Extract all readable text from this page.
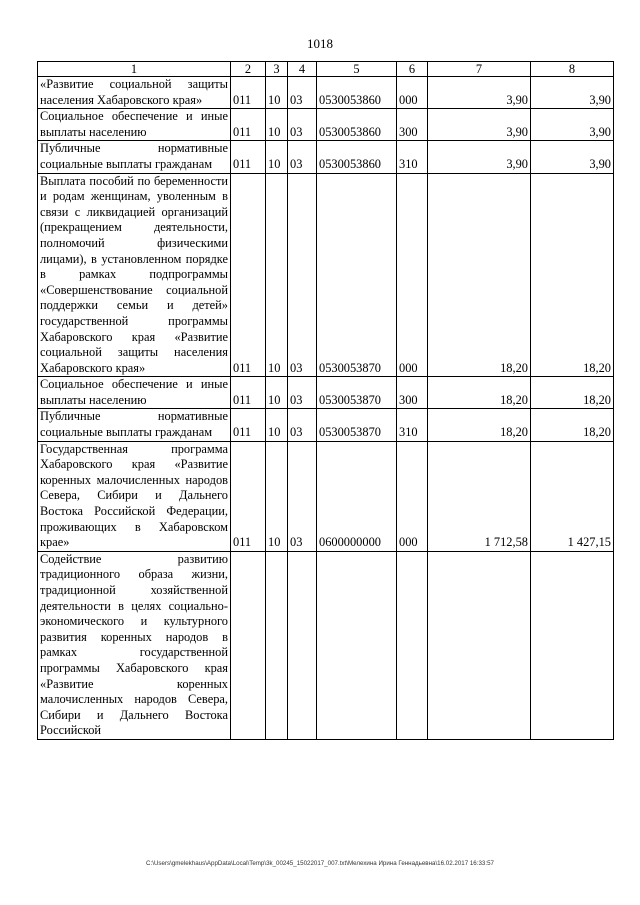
1018
1	2	3	4	5	6	7	8
«Развитие социальной защиты населения Хабаровского края»	011	10	03	0530053860	000	3,90	3,90
Социальное обеспечение и иные выплаты населению	011	10	03	0530053860	300	3,90	3,90
Публичные нормативные социальные выплаты гражданам	011	10	03	0530053860	310	3,90	3,90
Выплата пособий по беременности и родам женщинам, уволенным в связи с ликвидацией организаций (прекращением деятельности, полномочий физическими лицами), в установленном порядке в рамках подпрограммы «Совершенствование социальной поддержки семьи и детей» государственной программы Хабаровского края «Развитие социальной защиты населения Хабаровского края»	011	10	03	0530053870	000	18,20	18,20
Социальное обеспечение и иные выплаты населению	011	10	03	0530053870	300	18,20	18,20
Публичные нормативные социальные выплаты гражданам	011	10	03	0530053870	310	18,20	18,20
Государственная программа Хабаровского края «Развитие коренных малочисленных народов Севера, Сибири и Дальнего Востока Российской Федерации, проживающих в Хабаровском крае»	011	10	03	0600000000	000	1 712,58	1 427,15
Содействие развитию традиционного образа жизни, традиционной хозяйственной деятельности в целях социально-экономического и культурного развития коренных народов в рамках государственной программы Хабаровского края «Развитие коренных малочисленных народов Севера, Сибири и Дальнего Востока Российской							
C:\Users\gmelekhaus\AppData\Local\Temp\3k_00245_15022017_007.txt\Мелехина Ирина Геннадьевна\16.02.2017 16:33:57
